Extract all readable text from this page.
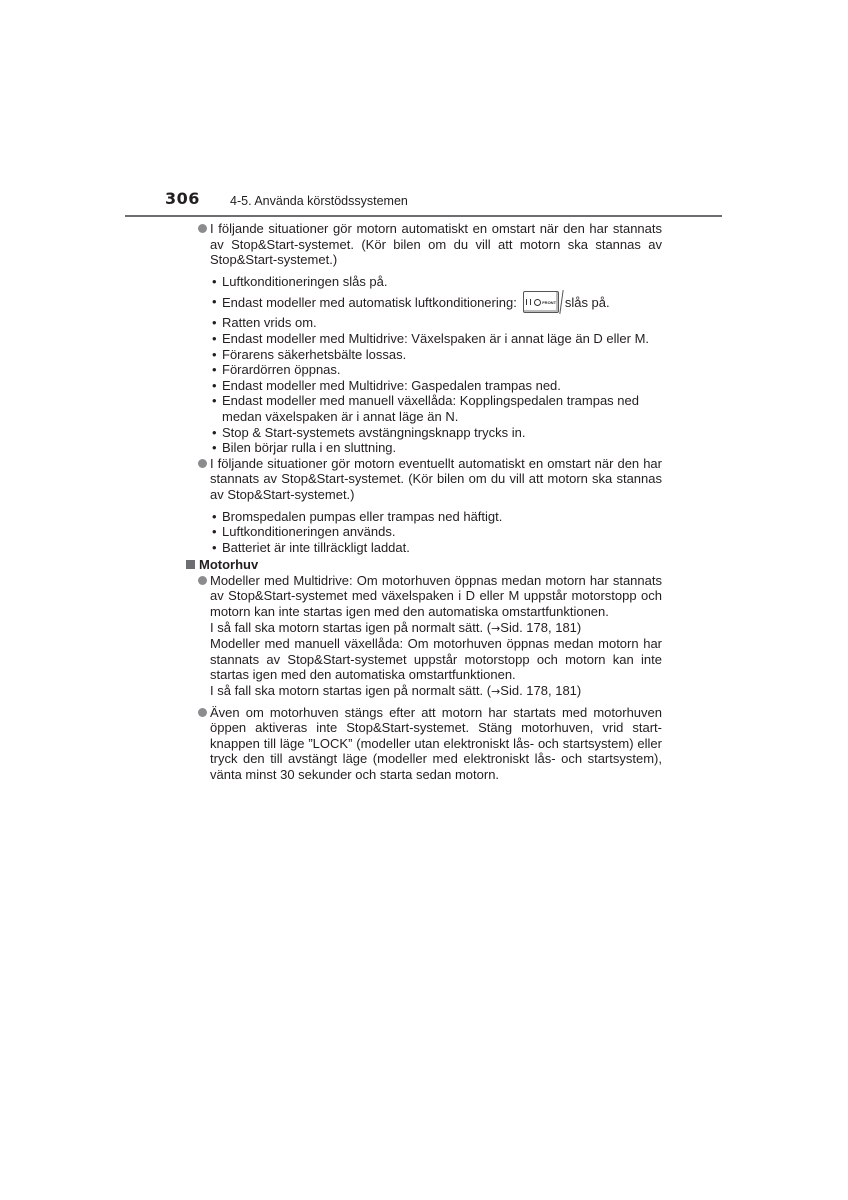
306 4-5. Använda körstödssystemen
I följande situationer gör motorn automatiskt en omstart när den har stannats av Stop&Start-systemet. (Kör bilen om du vill att motorn ska stannas av Stop&Start-systemet.)
• Luftkonditioneringen slås på.
• Endast modeller med automatisk luftkonditionering:	FRONT slås på.
• Ratten vrids om.
• Endast modeller med Multidrive: Växelspaken är i annat läge än D eller M.
• Förarens säkerhetsbälte lossas.
• Förardörren öppnas.
• Endast modeller med Multidrive: Gaspedalen trampas ned.
• Endast modeller med manuell växellåda: Kopplingspedalen trampas ned medan växelspaken är i annat läge än N.
• Stop & Start-systemets avstängningsknapp trycks in.
• Bilen börjar rulla i en sluttning.
I följande situationer gör motorn eventuellt automatiskt en omstart när den har stannats av Stop&Start-systemet. (Kör bilen om du vill att motorn ska stannas av Stop&Start-systemet.)
• Bromspedalen pumpas eller trampas ned häftigt.
• Luftkonditioneringen används.
• Batteriet är inte tillräckligt laddat.
Motorhuv
Modeller med Multidrive: Om motorhuven öppnas medan motorn har stannats av Stop&Start-systemet med växelspaken i D eller M uppstår motorstopp och motorn kan inte startas igen med den automatiska omstartfunktionen.
I så fall ska motorn startas igen på normalt sätt. (→Sid. 178, 181)
Modeller med manuell växellåda: Om motorhuven öppnas medan motorn har stannats av Stop&Start-systemet uppstår motorstopp och motorn kan inte startas igen med den automatiska omstartfunktionen.
I så fall ska motorn startas igen på normalt sätt. (→Sid. 178, 181)
Även om motorhuven stängs efter att motorn har startats med motorhuven öppen aktiveras inte Stop&Start-systemet. Stäng motorhuven, vrid start-knappen till läge ”LOCK” (modeller utan elektroniskt lås- och startsystem) eller tryck den till avstängt läge (modeller med elektroniskt lås- och startsystem), vänta minst 30 sekunder och starta sedan motorn.
